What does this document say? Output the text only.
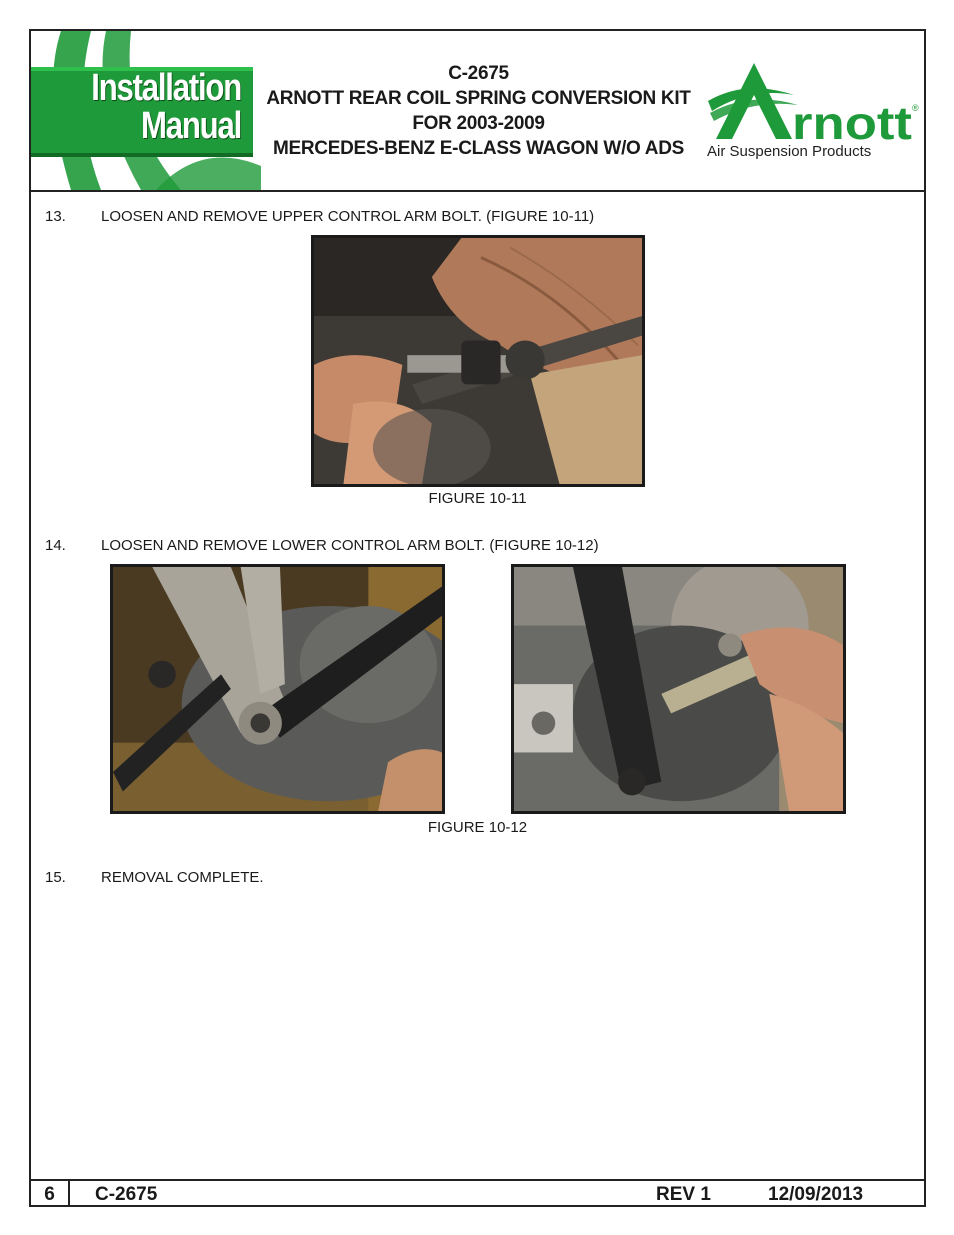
Installation
Manual
C-2675
ARNOTT REAR COIL SPRING CONVERSION KIT
FOR 2003-2009
MERCEDES-BENZ E-CLASS WAGON W/O ADS rnott ®
Air Suspension Products
13. LOOSEN AND REMOVE UPPER CONTROL ARM BOLT. (FIGURE 10-11)
FIGURE 10-11
14. LOOSEN AND REMOVE LOWER CONTROL ARM BOLT. (FIGURE 10-12)
FIGURE 10-12
15. REMOVAL COMPLETE.
6	C-2675	REV 1	12/09/2013
